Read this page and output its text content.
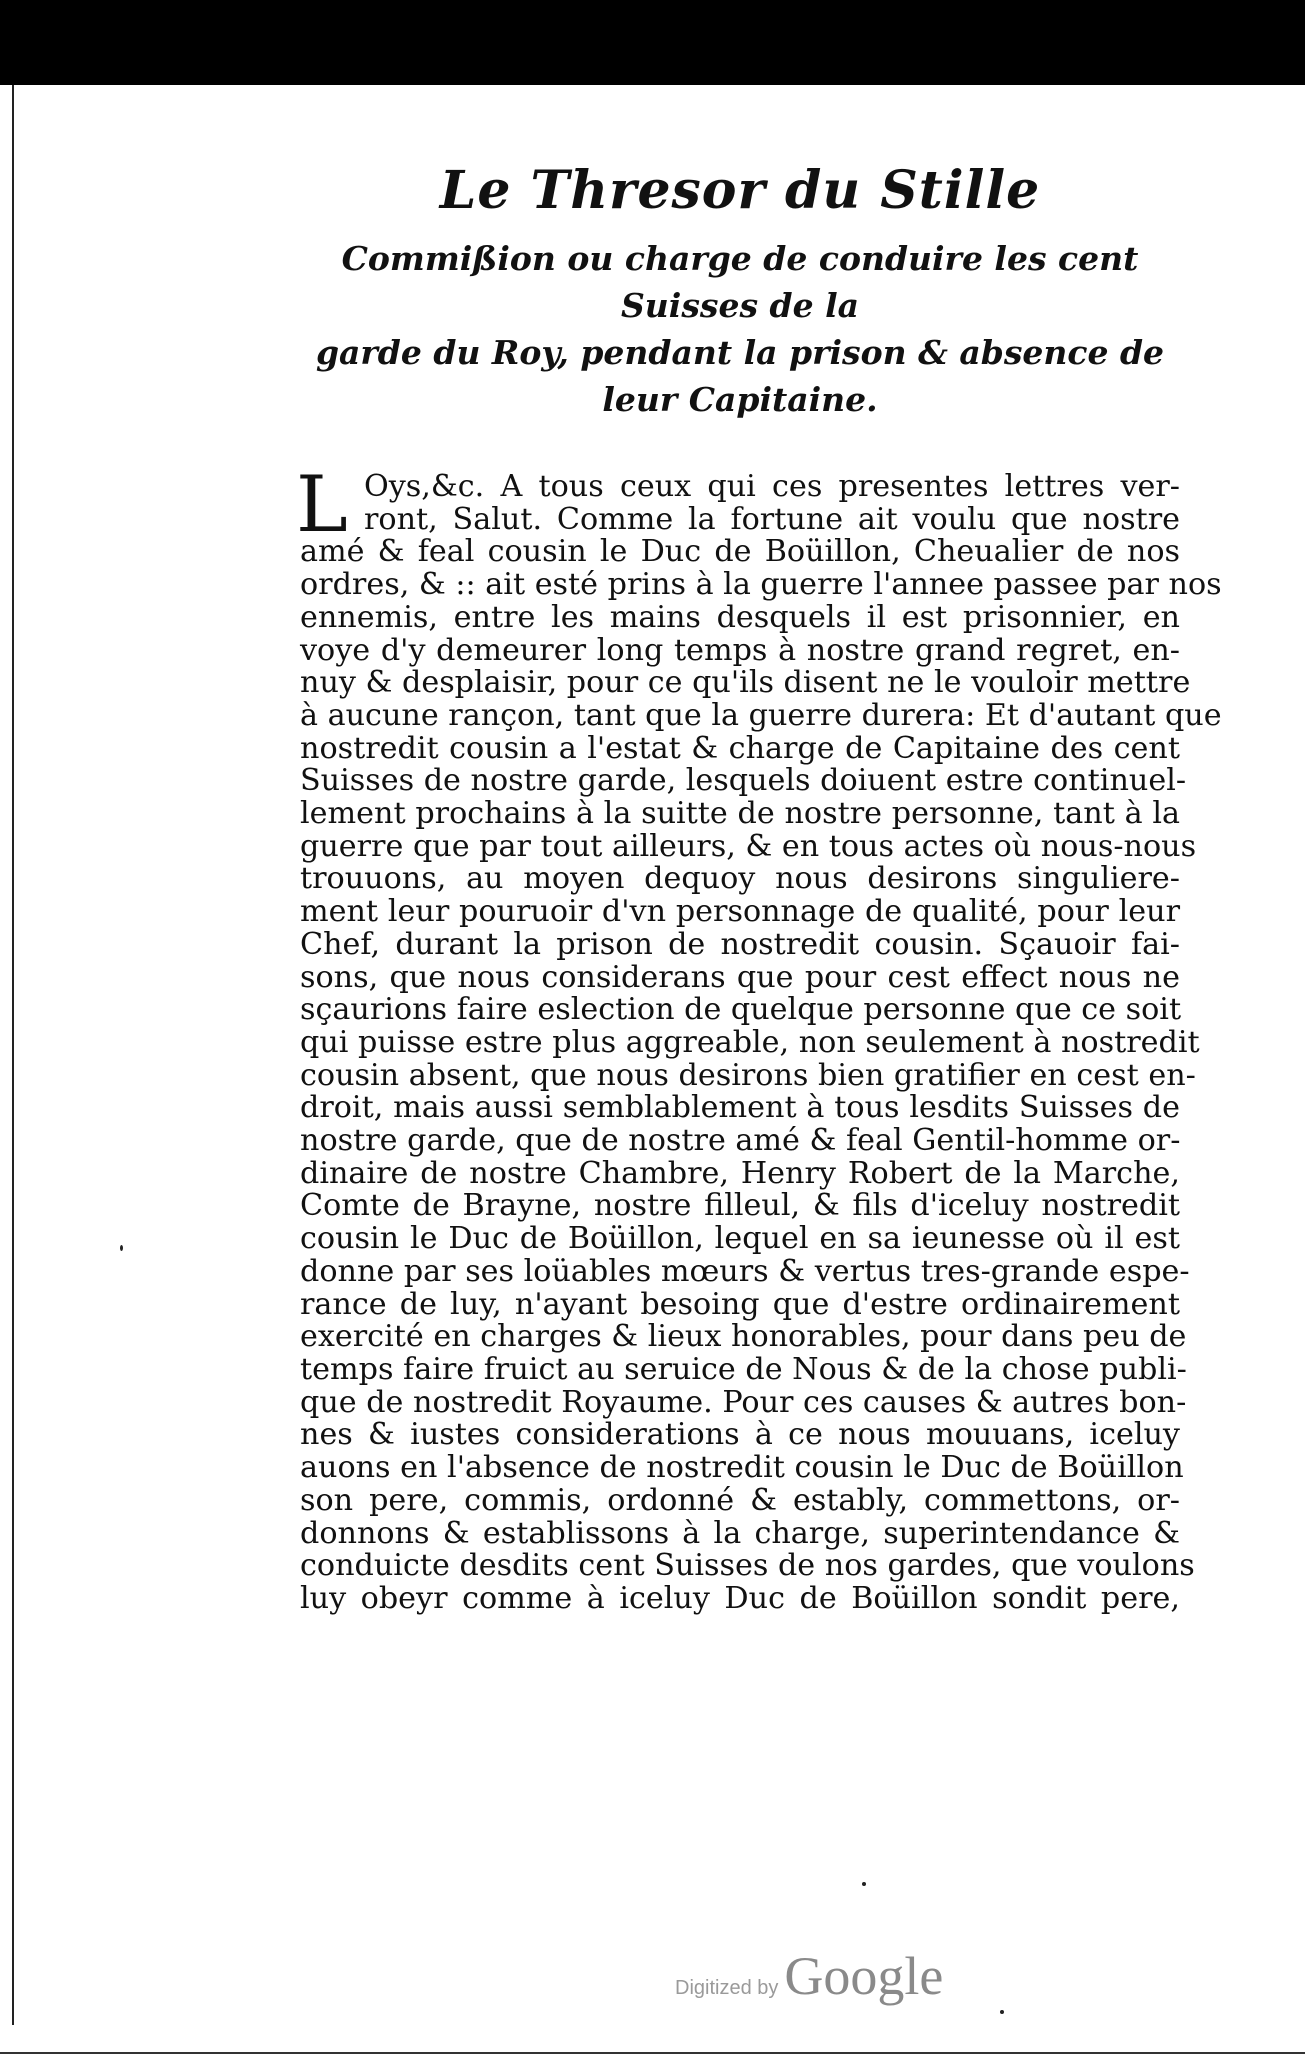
Le Thresor du Stille
Commißion ou charge de conduire les cent Suisses de la
garde du Roy, pendant la prison & absence de
leur Capitaine.
L Oys,&c. A tous ceux qui ces presentes lettres ver-
ront, Salut. Comme la fortune ait voulu que nostre
amé & feal cousin le Duc de Boüillon, Cheualier de nos
ordres, & :: ait esté prins à la guerre l'annee passee par nos
ennemis, entre les mains desquels il est prisonnier, en
voye d'y demeurer long temps à nostre grand regret, en-
nuy & desplaisir, pour ce qu'ils disent ne le vouloir mettre
à aucune rançon, tant que la guerre durera: Et d'autant que
nostredit cousin a l'estat & charge de Capitaine des cent
Suisses de nostre garde, lesquels doiuent estre continuel-
lement prochains à la suitte de nostre personne, tant à la
guerre que par tout ailleurs, & en tous actes où nous-nous
trouuons, au moyen dequoy nous desirons singuliere-
ment leur pouruoir d'vn personnage de qualité, pour leur
Chef, durant la prison de nostredit cousin. Sçauoir fai-
sons, que nous considerans que pour cest effect nous ne
sçaurions faire eslection de quelque personne que ce soit
qui puisse estre plus aggreable, non seulement à nostredit
cousin absent, que nous desirons bien gratifier en cest en-
droit, mais aussi semblablement à tous lesdits Suisses de
nostre garde, que de nostre amé & feal Gentil-homme or-
dinaire de nostre Chambre, Henry Robert de la Marche,
Comte de Brayne, nostre filleul, & fils d'iceluy nostredit
cousin le Duc de Boüillon, lequel en sa ieunesse où il est
donne par ses loüables mœurs & vertus tres-grande espe-
rance de luy, n'ayant besoing que d'estre ordinairement
exercité en charges & lieux honorables, pour dans peu de
temps faire fruict au seruice de Nous & de la chose publi-
que de nostredit Royaume. Pour ces causes & autres bon-
nes & iustes considerations à ce nous mouuans, iceluy
auons en l'absence de nostredit cousin le Duc de Boüillon
son pere, commis, ordonné & estably, commettons, or-
donnons & establissons à la charge, superintendance &
conduicte desdits cent Suisses de nos gardes, que voulons
luy obeyr comme à iceluy Duc de Boüillon sondit pere,
Digitized by Google
